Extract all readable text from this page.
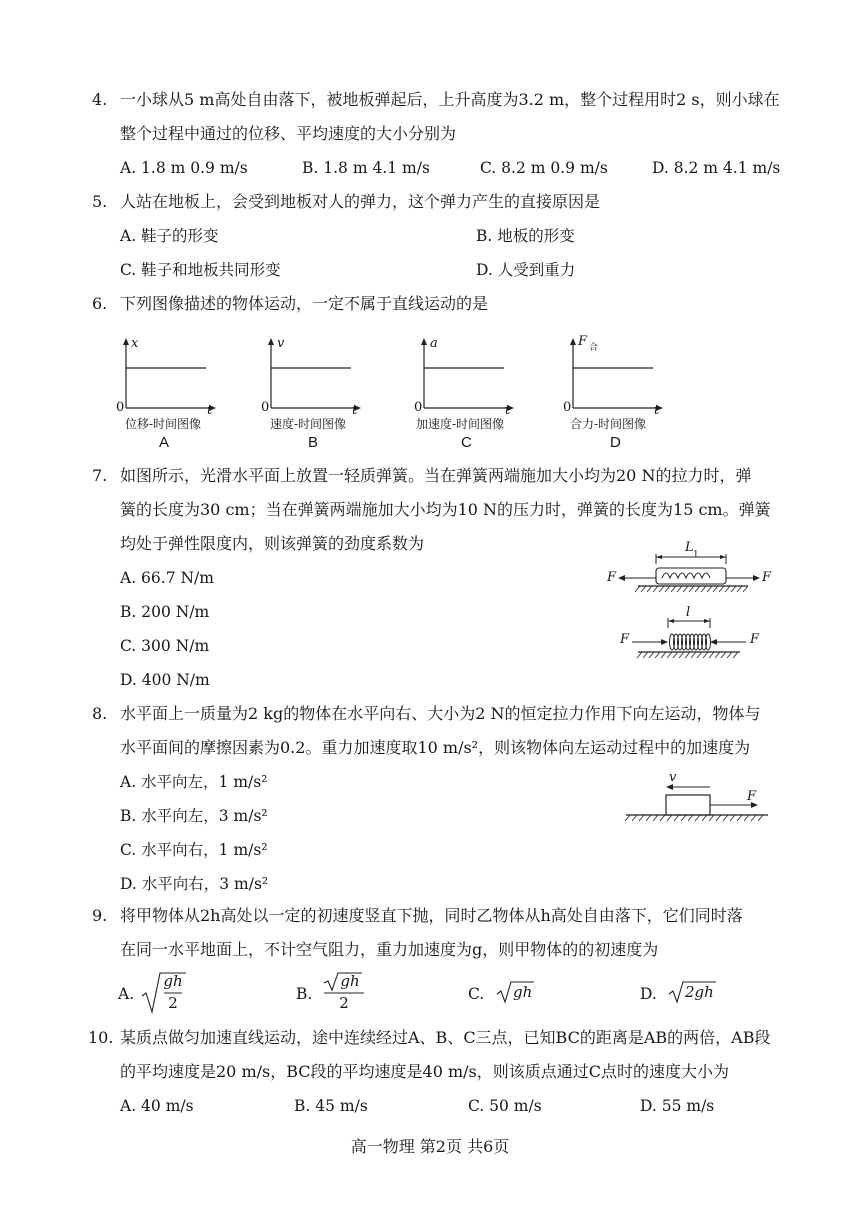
4. 一小球从5 m高处自由落下，被地板弹起后，上升高度为3.2 m，整个过程用时2 s，则小球在
整个过程中通过的位移、平均速度的大小分别为
A. 1.8 m 0.9 m/s	B. 1.8 m 4.1 m/s	C. 8.2 m 0.9 m/s	D. 8.2 m 4.1 m/s
5. 人站在地板上，会受到地板对人的弹力，这个弹力产生的直接原因是
A. 鞋子的形变	B. 地板的形变
C. 鞋子和地板共同形变	D. 人受到重力
6. 下列图像描述的物体运动，一定不属于直线运动的是
x
0	t
位移-时间图像
A
v
0	t
速度-时间图像
B
a
0	t
加速度-时间图像
C
F 合
0	t
合力-时间图像
D
7. 如图所示，光滑水平面上放置一轻质弹簧。当在弹簧两端施加大小均为20 N的拉力时，弹
簧的长度为30 cm；当在弹簧两端施加大小均为10 N的压力时，弹簧的长度为15 cm。弹簧
均处于弹性限度内，则该弹簧的劲度系数为
A. 66.7 N/m
B. 200 N/m
C. 300 N/m
D. 400 N/m
L 1
F	F
l
F	F
8. 水平面上一质量为2 kg的物体在水平向右、大小为2 N的恒定拉力作用下向左运动，物体与
水平面间的摩擦因素为0.2。重力加速度取10 m/s²，则该物体向左运动过程中的加速度为
A. 水平向左，1 m/s²
B. 水平向左，3 m/s²
C. 水平向右，1 m/s²
D. 水平向右，3 m/s²
v
F
9. 将甲物体从2h高处以一定的初速度竖直下抛，同时乙物体从h高处自由落下，它们同时落
在同一水平地面上，不计空气阻力，重力加速度为g，则甲物体的的初速度为
A.
gh
2	B.
gh
2	C. gh	D. 2gh
10. 某质点做匀加速直线运动，途中连续经过A、B、C三点，已知BC的距离是AB的两倍，AB段
的平均速度是20 m/s，BC段的平均速度是40 m/s，则该质点通过C点时的速度大小为
A. 40 m/s	B. 45 m/s	C. 50 m/s	D. 55 m/s
高一物理 第2页 共6页
